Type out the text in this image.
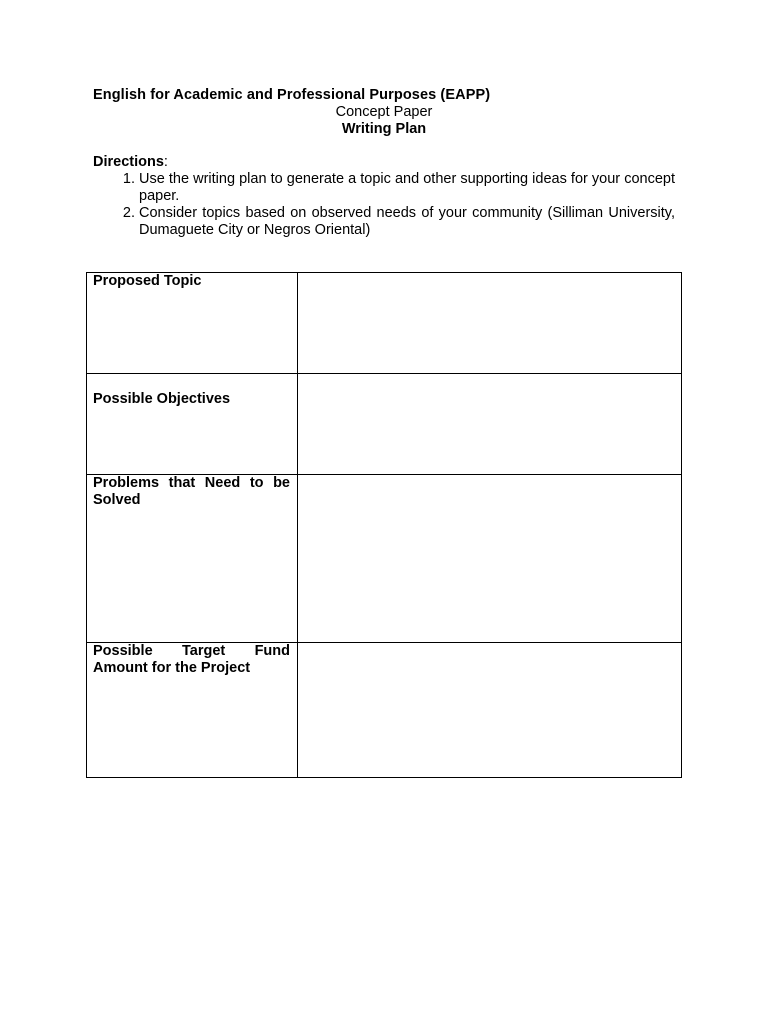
English for Academic and Professional Purposes (EAPP)
Concept Paper
Writing Plan
Directions:
1. Use the writing plan to generate a topic and other supporting ideas for your concept paper.
2. Consider topics based on observed needs of your community (Silliman University, Dumaguete City or Negros Oriental)
Proposed Topic	

Possible Objectives	

Problems that Need to be Solved	

Possible Target Fund Amount for the Project	
